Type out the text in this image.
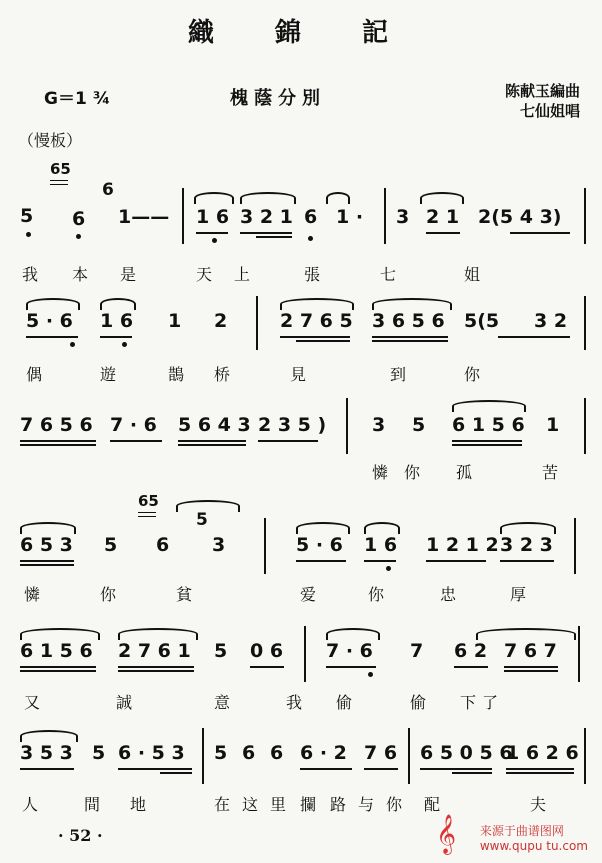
織 錦 記
G＝1 ¾	槐蔭分別	陈献玉編曲
七仙姐唱
（慢板）
5
65
6
6
1—— 1 6 3 2 1 6 1 · 3 2 1 2(5 4 3)
我 本 是	天 上	張	七	姐
5 · 6 1 6 1 2	2 7 6 5 3 6 5 6 5(5 3 2
偶	遊	鵲 桥	見	到	你
7 6 5 6 7 · 6 5 6 4 3 2 3 5 ) 3 5 6 1 5 6 1
憐 你 孤	苦
6 5 3 5
65
6
5
3	5 · 6 1 6 1 2 1 2 3 2 3
憐	你	貧	爱	你	忠	厚
6 1 5 6 2 7 6 1 5 0 6 7 · 6 7 6 2 7 6 7
又	誠	意	我 偷	偷 下 了
3 5 3 5 6 · 5 3 5 6 6 6 · 2 7 6 6 5 0 5 6
1 6 2 6
人	間 地	在 这 里 攔 路 与 你 配	夫
· 52 ·	𝄞 来源于曲谱图网
www.qupu tu.com
